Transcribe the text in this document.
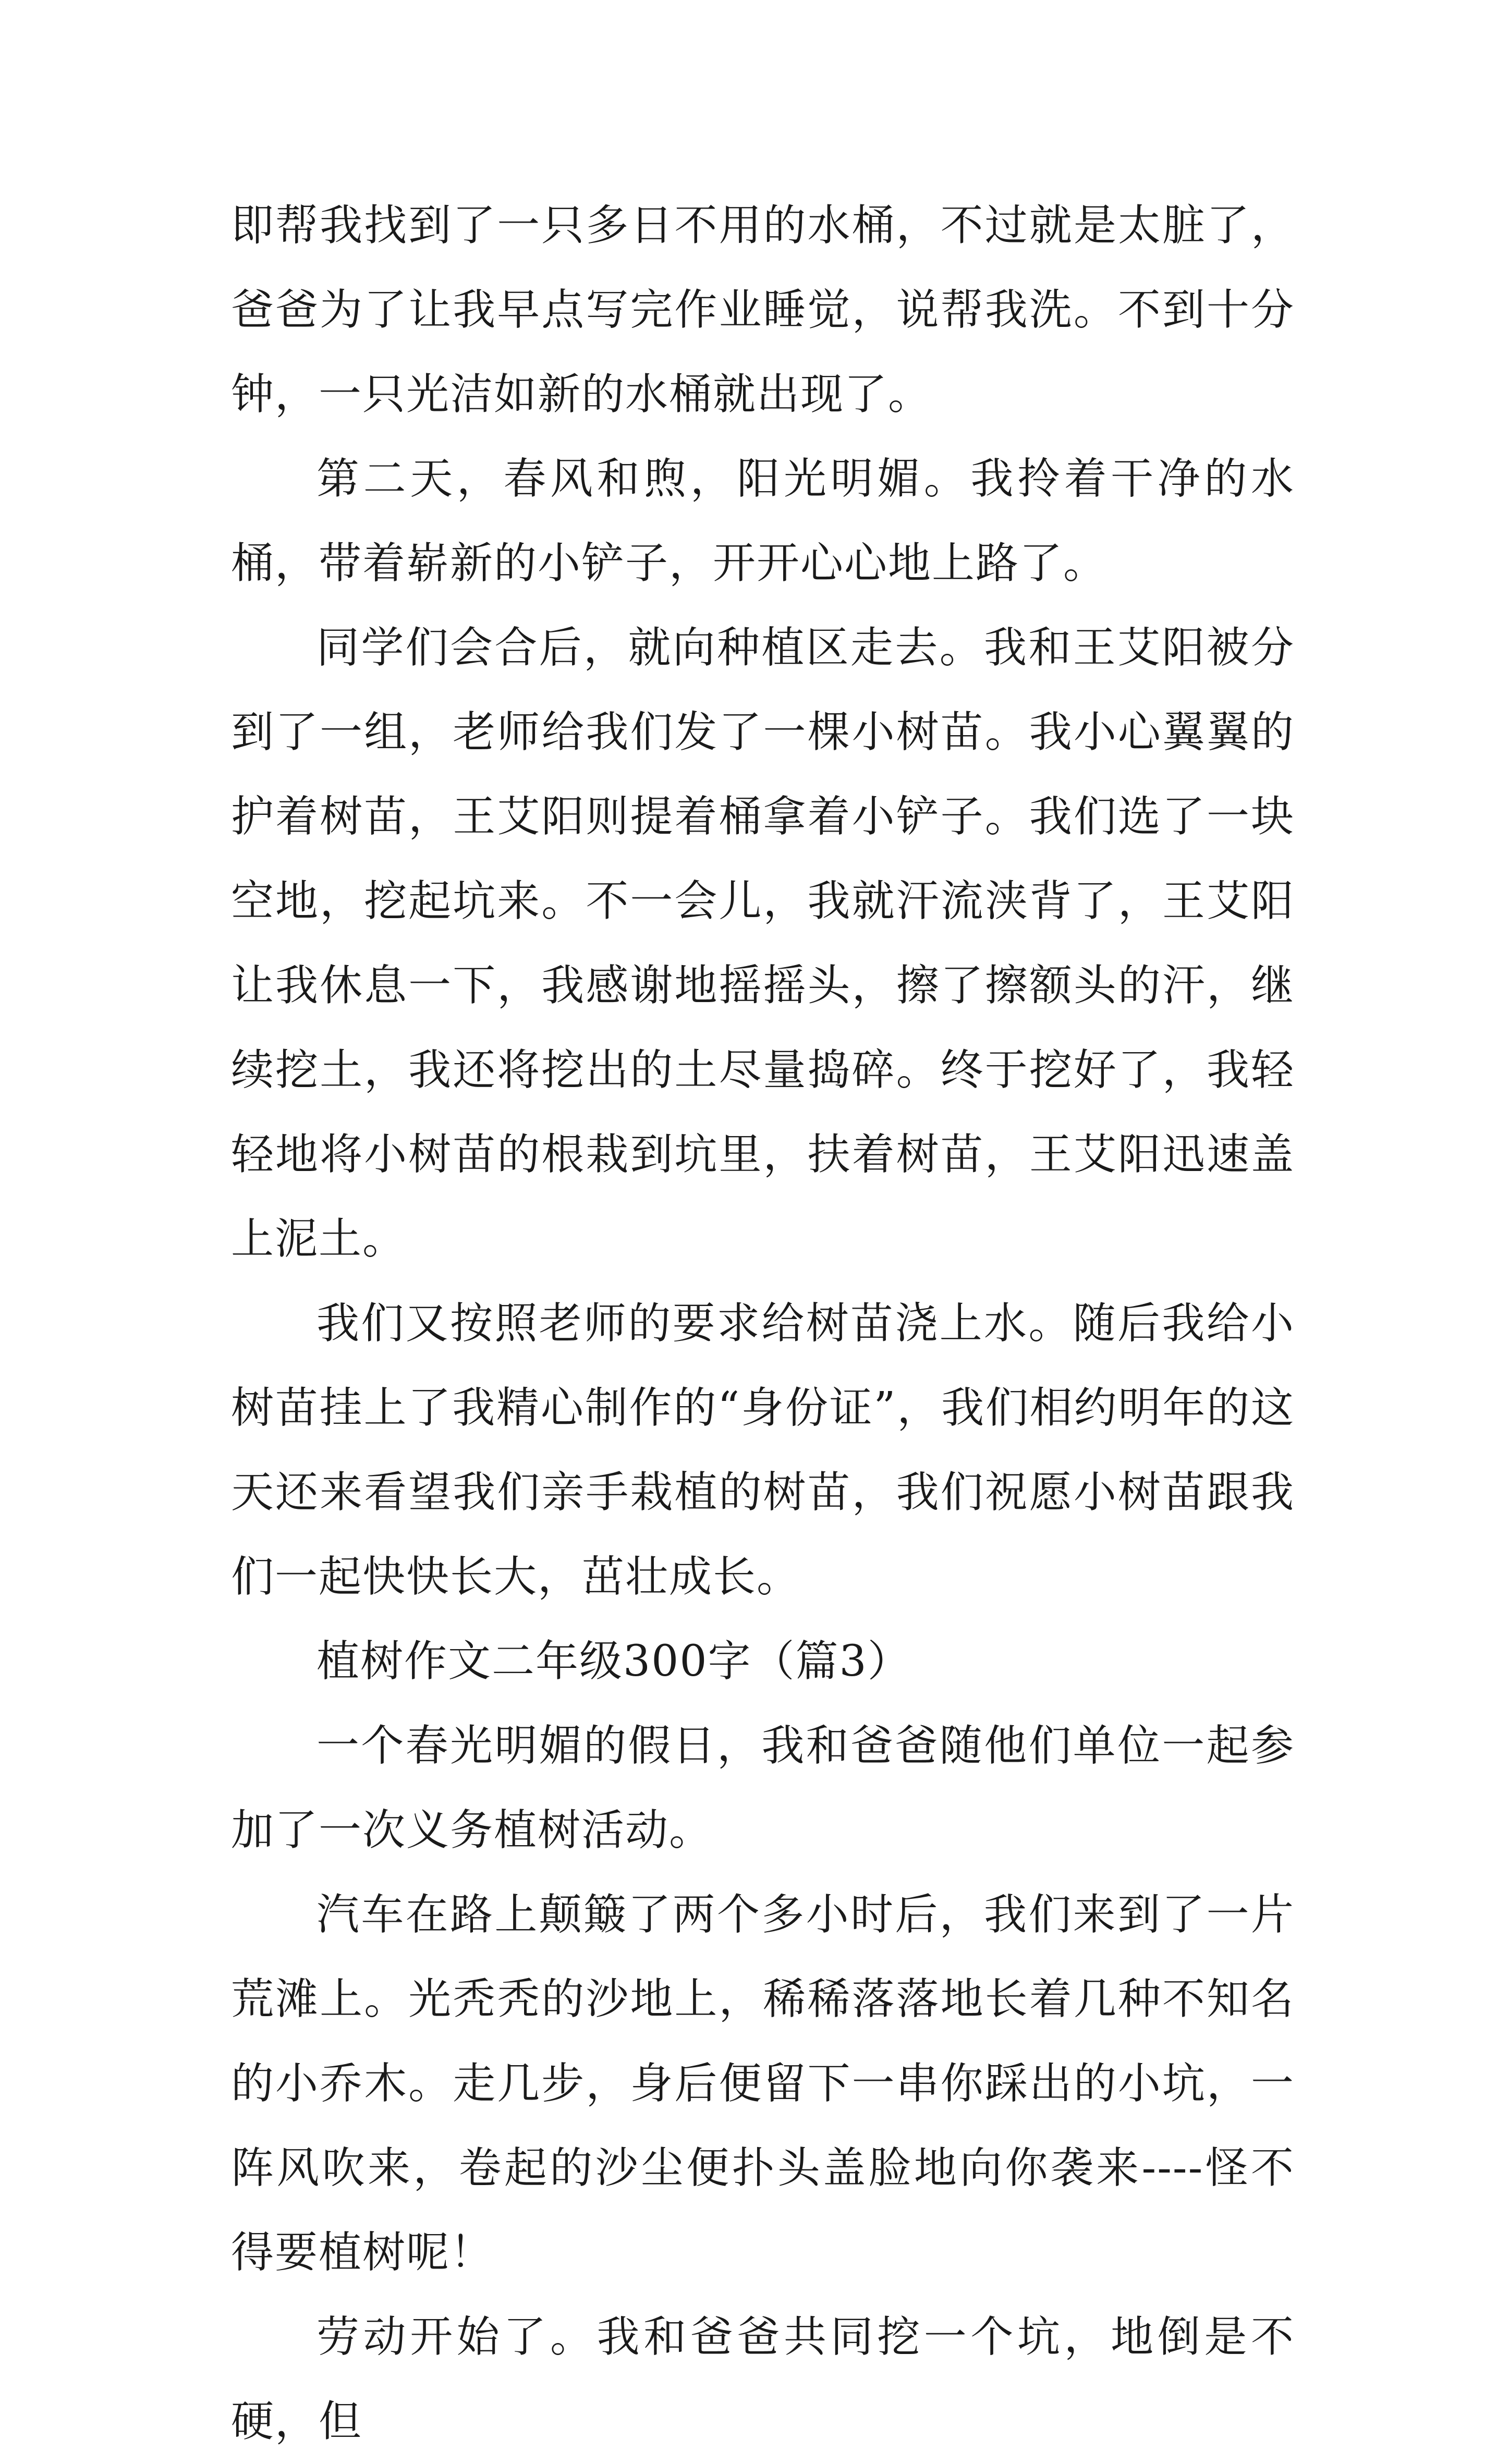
即帮我找到了一只多日不用的水桶，不过就是太脏了，爸爸为了让我早点写完作业睡觉，说帮我洗。不到十分钟，一只光洁如新的水桶就出现了。

第二天，春风和煦，阳光明媚。我拎着干净的水桶，带着崭新的小铲子，开开心心地上路了。

同学们会合后，就向种植区走去。我和王艾阳被分到了一组，老师给我们发了一棵小树苗。我小心翼翼的护着树苗，王艾阳则提着桶拿着小铲子。我们选了一块空地，挖起坑来。不一会儿，我就汗流浃背了，王艾阳让我休息一下，我感谢地摇摇头，擦了擦额头的汗，继续挖土，我还将挖出的土尽量捣碎。终于挖好了，我轻轻地将小树苗的根栽到坑里，扶着树苗，王艾阳迅速盖上泥土。

我们又按照老师的要求给树苗浇上水。随后我给小树苗挂上了我精心制作的“身份证”，我们相约明年的这天还来看望我们亲手栽植的树苗，我们祝愿小树苗跟我们一起快快长大，茁壮成长。

植树作文二年级300字（篇3）

一个春光明媚的假日，我和爸爸随他们单位一起参加了一次义务植树活动。

汽车在路上颠簸了两个多小时后，我们来到了一片荒滩上。光秃秃的沙地上，稀稀落落地长着几种不知名的小乔木。走几步，身后便留下一串你踩出的小坑，一阵风吹来，卷起的沙尘便扑头盖脸地向你袭来----怪不得要植树呢！

劳动开始了。我和爸爸共同挖一个坑，地倒是不硬，但
